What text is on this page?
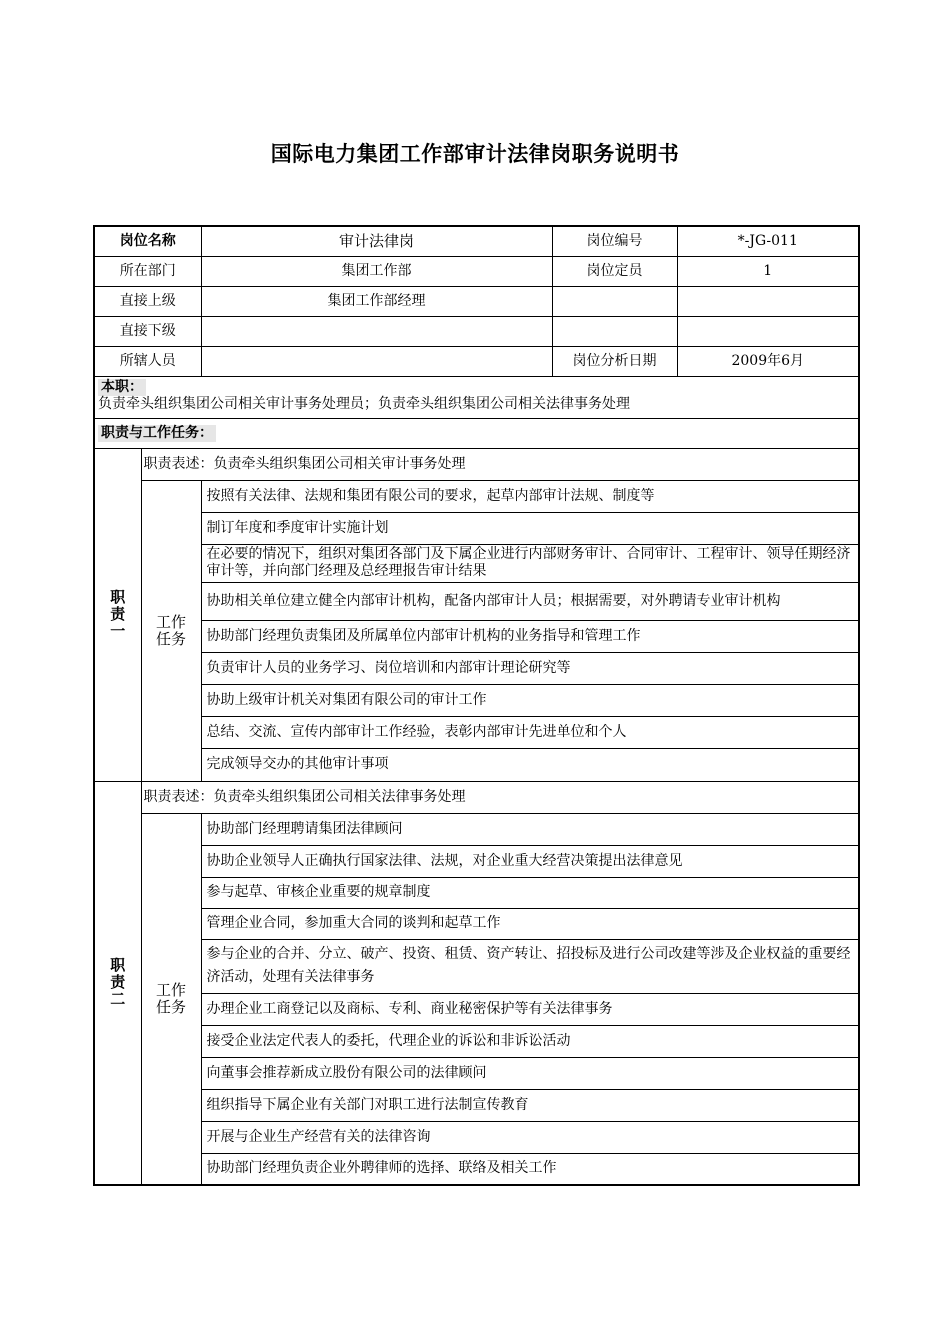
国际电力集团工作部审计法律岗职务说明书
岗位名称		审计法律岗	岗位编号	*-JG-011
所在部门		集团工作部	岗位定员	1
直接上级		集团工作部经理		
直接下级				
所辖人员			岗位分析日期	2009年6月
本职：
负责牵头组织集团公司相关审计事务处理员；负责牵头组织集团公司相关法律事务处理				

职责与工作任务：				

职
责
一	职责表述：负责牵头组织集团公司相关审计事务处理			

	工作
任务	按照有关法律、法规和集团有限公司的要求，起草内部审计法规、制度等		
		制订年度和季度审计实施计划		
		在必要的情况下，组织对集团各部门及下属企业进行内部财务审计、合同审计、工程审计、领导任期经济审计等，并向部门经理及总经理报告审计结果		
		协助相关单位建立健全内部审计机构，配备内部审计人员；根据需要，对外聘请专业审计机构		
		协助部门经理负责集团及所属单位内部审计机构的业务指导和管理工作		
		负责审计人员的业务学习、岗位培训和内部审计理论研究等		
		协助上级审计机关对集团有限公司的审计工作		
		总结、交流、宣传内部审计工作经验，表彰内部审计先进单位和个人		
		完成领导交办的其他审计事项		

职
责
二	职责表述：负责牵头组织集团公司相关法律事务处理			

	工作
任务	协助部门经理聘请集团法律顾问		
		协助企业领导人正确执行国家法律、法规，对企业重大经营决策提出法律意见		
		参与起草、审核企业重要的规章制度		
		管理企业合同，参加重大合同的谈判和起草工作		
		参与企业的合并、分立、破产、投资、租赁、资产转让、招投标及进行公司改建等涉及企业权益的重要经济活动，处理有关法律事务		
		办理企业工商登记以及商标、专利、商业秘密保护等有关法律事务		
		接受企业法定代表人的委托，代理企业的诉讼和非诉讼活动		
		向董事会推荐新成立股份有限公司的法律顾问		
		组织指导下属企业有关部门对职工进行法制宣传教育		
		开展与企业生产经营有关的法律咨询		
		协助部门经理负责企业外聘律师的选择、联络及相关工作		
